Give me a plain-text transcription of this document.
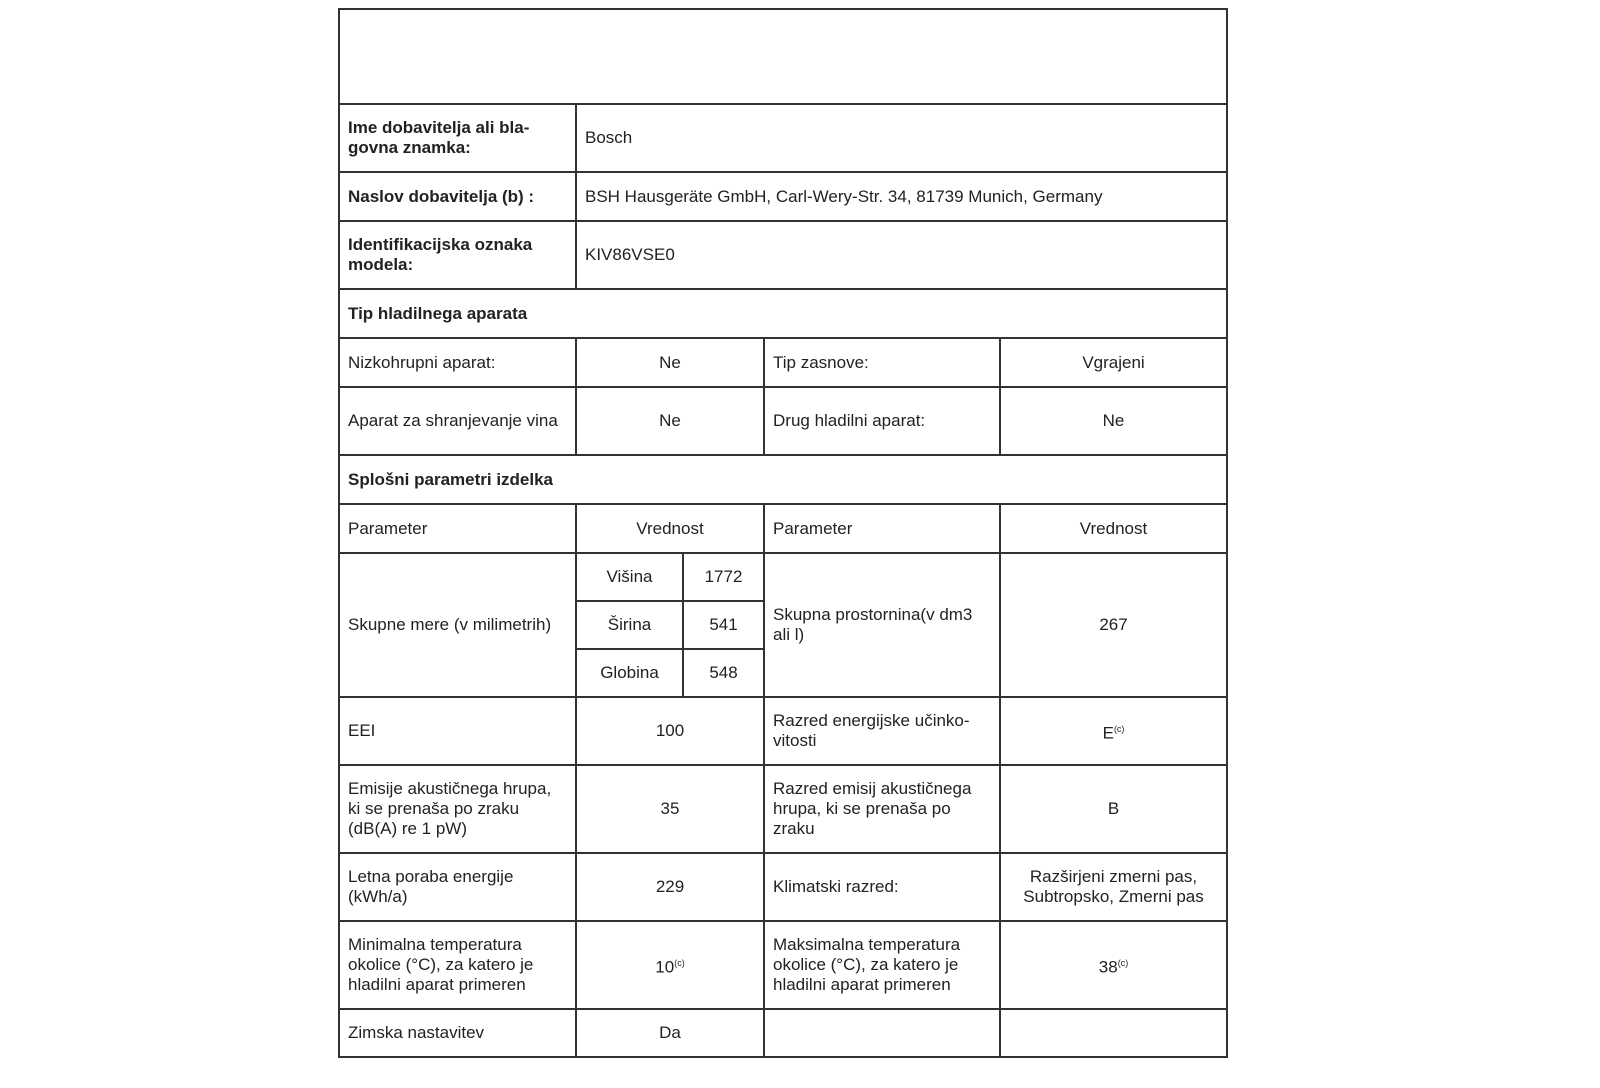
Ime dobavitelja ali bla-govna znamka:	Bosch			
Naslov dobavitelja (b) :	BSH Hausgeräte GmbH, Carl-Wery-Str. 34, 81739 Munich, Germany			
Identifikacijska oznaka modela:	KIV86VSE0			
Tip hladilnega aparata				
Nizkohrupni aparat:	Ne		Tip zasnove:	Vgrajeni
Aparat za shranjevanje vina	Ne		Drug hladilni aparat:	Ne
Splošni parametri izdelka				
Parameter	Vrednost		Parameter	Vrednost
Skupne mere (v milimetrih)	Višina	1772	Skupna prostornina(v dm3 ali l)	267
	Širina	541		
	Globina	548		
EEI	100		Razred energijske učinko-vitosti	$E^{(c)}$
Emisije akustičnega hrupa, ki se prenaša po zraku (dB(A) re 1 pW)	35		Razred emisij akustičnega hrupa, ki se prenaša po zraku	B
Letna poraba energije (kWh/a)	229		Klimatski razred:	Razširjeni zmerni pas, Subtropsko, Zmerni pas
Minimalna temperatura okolice (°C), za katero je hladilni aparat primeren	10$^{(c)}$		Maksimalna temperatura okolice (°C), za katero je hladilni aparat primeren	38$^{(c)}$
Zimska nastavitev	Da			
